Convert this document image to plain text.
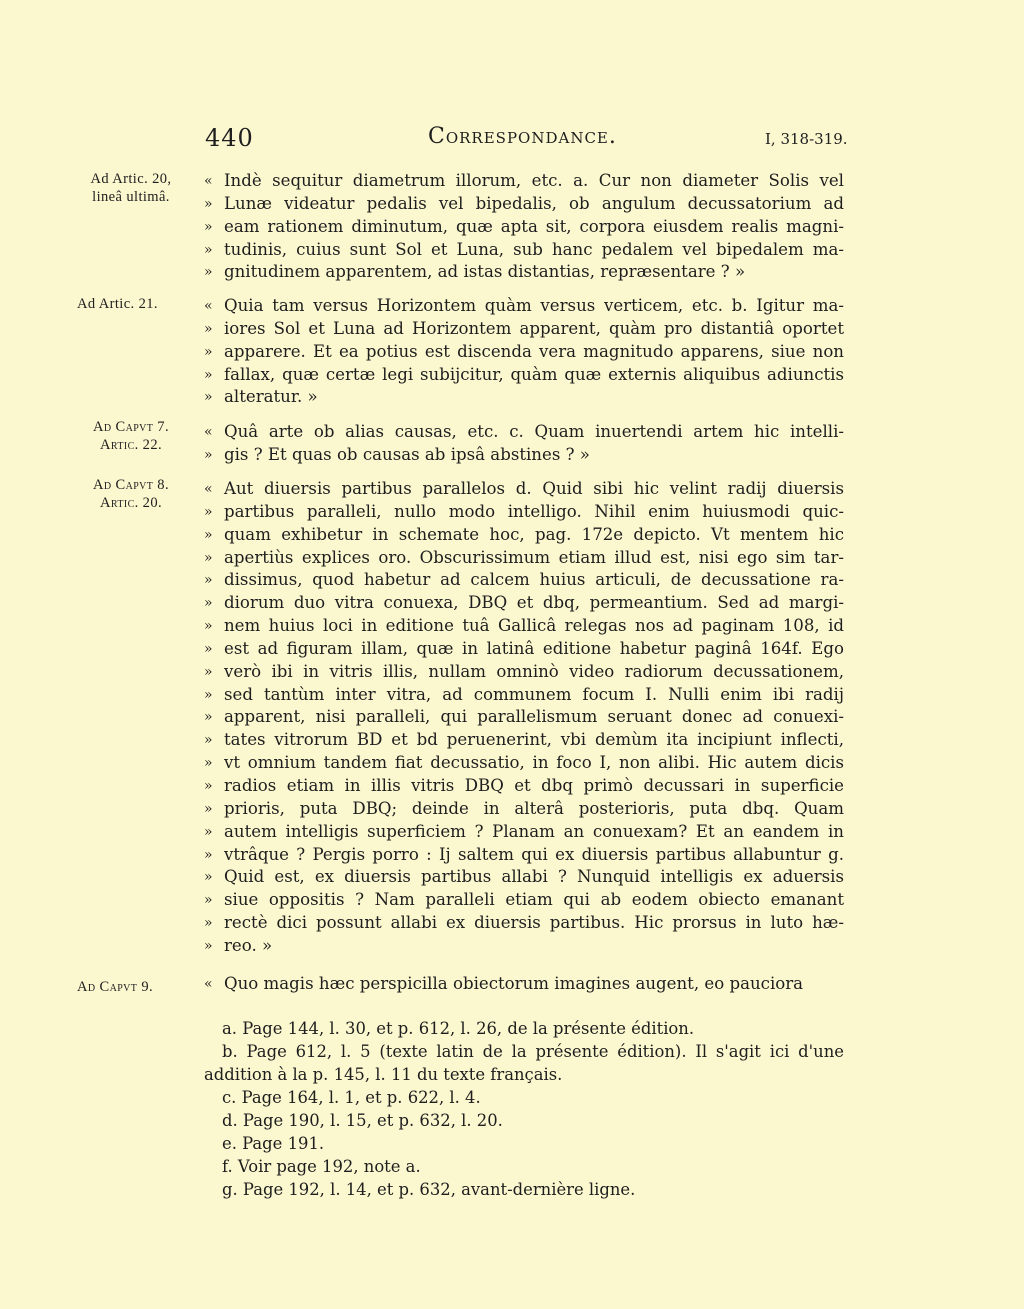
440	Correspondance.	I, 318-319.
Ad Artic. 20,
lineâ ultimâ.
Ad Artic. 21.
Ad Capvt 7.
Artic. 22.
Ad Capvt 8.
Artic. 20.
Ad Capvt 9.
« Indè sequitur diametrum illorum, etc. a. Cur non diameter Solis vel
» Lunæ videatur pedalis vel bipedalis, ob angulum decussatorium ad
» eam rationem diminutum, quæ apta sit, corpora eiusdem realis magni-
» tudinis, cuius sunt Sol et Luna, sub hanc pedalem vel bipedalem ma-
» gnitudinem apparentem, ad istas distantias, repræsentare ? »
« Quia tam versus Horizontem quàm versus verticem, etc. b. Igitur ma-
» iores Sol et Luna ad Horizontem apparent, quàm pro distantiâ oportet
» apparere. Et ea potius est discenda vera magnitudo apparens, siue non
» fallax, quæ certæ legi subijcitur, quàm quæ externis aliquibus adiunctis
» alteratur. »
« Quâ arte ob alias causas, etc. c. Quam inuertendi artem hic intelli-
» gis ? Et quas ob causas ab ipsâ abstines ? »
« Aut diuersis partibus parallelos d. Quid sibi hic velint radij diuersis
» partibus paralleli, nullo modo intelligo. Nihil enim huiusmodi quic-
» quam exhibetur in schemate hoc, pag. 172e depicto. Vt mentem hic
» apertiùs explices oro. Obscurissimum etiam illud est, nisi ego sim tar-
» dissimus, quod habetur ad calcem huius articuli, de decussatione ra-
» diorum duo vitra conuexa, DBQ et dbq, permeantium. Sed ad margi-
» nem huius loci in editione tuâ Gallicâ relegas nos ad paginam 108, id
» est ad figuram illam, quæ in latinâ editione habetur paginâ 164f. Ego
» verò ibi in vitris illis, nullam omninò video radiorum decussationem,
» sed tantùm inter vitra, ad communem focum I. Nulli enim ibi radij
» apparent, nisi paralleli, qui parallelismum seruant donec ad conuexi-
» tates vitrorum BD et bd peruenerint, vbi demùm ita incipiunt inflecti,
» vt omnium tandem fiat decussatio, in foco I, non alibi. Hic autem dicis
» radios etiam in illis vitris DBQ et dbq primò decussari in superficie
» prioris, puta DBQ; deinde in alterâ posterioris, puta dbq. Quam
» autem intelligis superficiem ? Planam an conuexam? Et an eandem in
» vtrâque ? Pergis porro : Ij saltem qui ex diuersis partibus allabuntur g.
» Quid est, ex diuersis partibus allabi ? Nunquid intelligis ex aduersis
» siue oppositis ? Nam paralleli etiam qui ab eodem obiecto emanant
» rectè dici possunt allabi ex diuersis partibus. Hic prorsus in luto hæ-
» reo. »
« Quo magis hæc perspicilla obiectorum imagines augent, eo pauciora
a. Page 144, l. 30, et p. 612, l. 26, de la présente édition.
b. Page 612, l. 5 (texte latin de la présente édition). Il s'agit ici d'une
addition à la p. 145, l. 11 du texte français.
c. Page 164, l. 1, et p. 622, l. 4.
d. Page 190, l. 15, et p. 632, l. 20.
e. Page 191.
f. Voir page 192, note a.
g. Page 192, l. 14, et p. 632, avant-dernière ligne.
